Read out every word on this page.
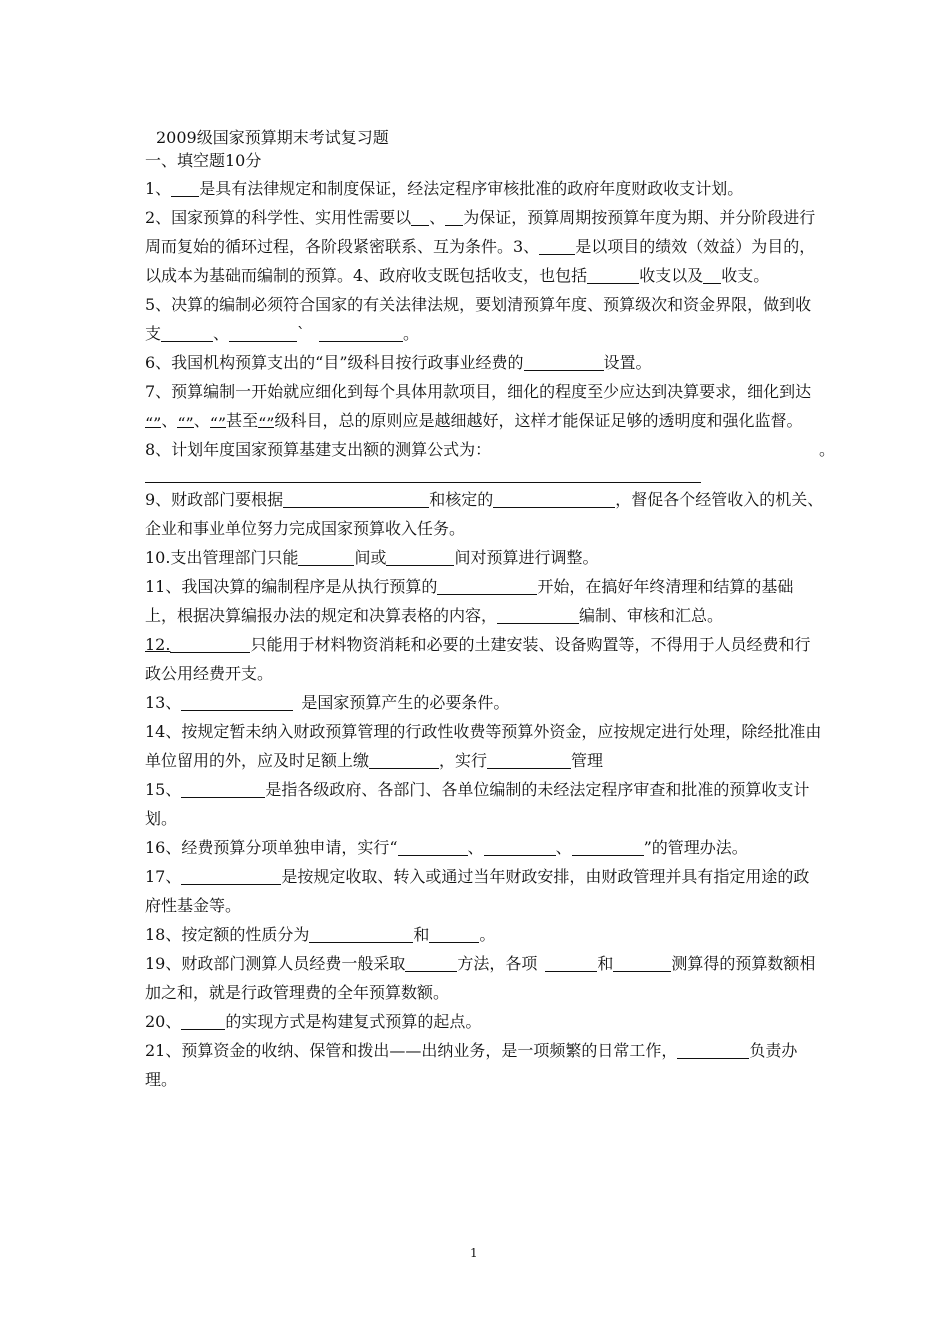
2009级国家预算期末考试复习题
一、填空题10分

1、 是具有法律规定和制度保证，经法定程序审核批准的政府年度财政收支计划。

2、国家预算的科学性、实用性需要以 、 为保证，预算周期按预算年度为期、并分阶段进行周而复始的循环过程，各阶段紧密联系、互为条件。3、 是以项目的绩效（效益）为目的，以成本为基础而编制的预算。4、政府收支既包括收支，也包括	收支以及 收支。

5、决算的编制必须符合国家的有关法律法规，要划清预算年度、预算级次和资金界限，做到收支	、	`	。

6、我国机构预算支出的“目”级科目按行政事业经费的	设置。

7、预算编制一开始就应细化到每个具体用款项目，细化的程度至少应达到决算要求，细化到达“”、“”、“”甚至“”级科目，总的原则应是越细越好，这样才能保证足够的透明度和强化监督。

8、计划年度国家预算基建支出额的测算公式为：	。

9、财政部门要根据	和核定的	，督促各个经管收入的机关、企业和事业单位努力完成国家预算收入任务。

10.支出管理部门只能	间或	间对预算进行调整。

11、我国决算的编制程序是从执行预算的	开始，在搞好年终清理和结算的基础上，根据决算编报办法的规定和决算表格的内容，	编制、审核和汇总。

12.	只能用于材料物资消耗和必要的土建安装、设备购置等，不得用于人员经费和行政公用经费开支。

13、	是国家预算产生的必要条件。

14、按规定暂未纳入财政预算管理的行政性收费等预算外资金，应按规定进行处理，除经批准由单位留用的外，应及时足额上缴	，实行	管理

15、	是指各级政府、各部门、各单位编制的未经法定程序审查和批准的预算收支计划。

16、经费预算分项单独申请，实行“	、	、	”的管理办法。

17、	是按规定收取、转入或通过当年财政安排，由财政管理并具有指定用途的政府性基金等。

18、按定额的性质分为	和	。

19、财政部门测算人员经费一般采取	方法，各项	和	测算得的预算数额相加之和，就是行政管理费的全年预算数额。

20、	的实现方式是构建复式预算的起点。

21、预算资金的收纳、保管和拨出——出纳业务，是一项频繁的日常工作，	负责办理。

1
